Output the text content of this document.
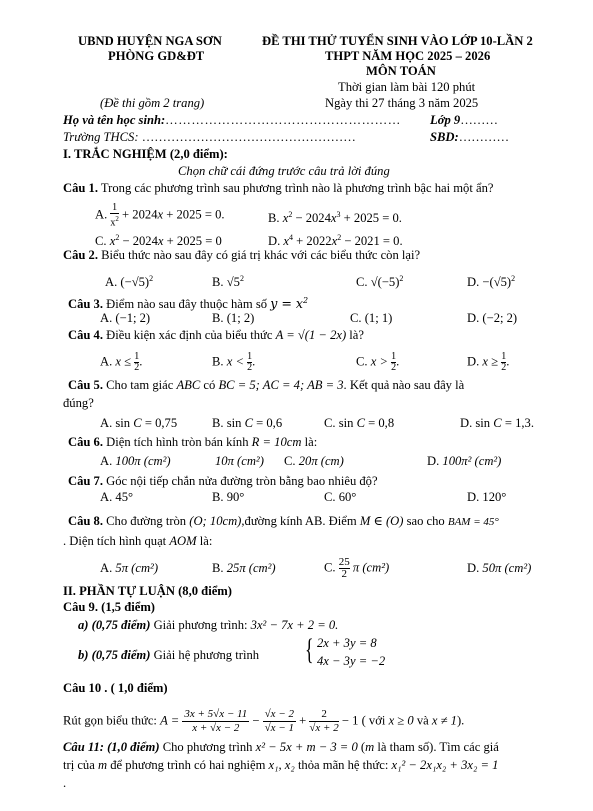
UBND HUYỆN NGA SƠN
PHÒNG GD&ĐT
ĐỀ THI THỬ TUYỂN SINH VÀO LỚP 10-LẦN 2
THPT NĂM HỌC 2025 – 2026
MÔN TOÁN
Thời gian làm bài 120 phút
(Đề thi gồm 2 trang)	Ngày thi 27 tháng 3 năm 2025
Họ và tên học sinh:……………………………………………… Lớp 9………
Trường THCS: ……………………………………………	SBD:…………
I. TRẮC NGHIỆM (2,0 điểm):
Chọn chữ cái đứng trước câu trả lời đúng
Câu 1. Trong các phương trình sau phương trình nào là phương trình bậc hai một ẩn?
A. $\frac{1}{x^2} + 2024x + 2025 = 0$.	B. $x^2 - 2024x^3 + 2025 = 0$.
C. $x^2 - 2024x + 2025 = 0$	D. $x^4 + 2022x^2 - 2021 = 0$.
Câu 2. Biểu thức nào sau đây có giá trị khác với các biểu thức còn lại?
A. $(-√5)^2$	B. $√5^2$	C. $√(-5)^2$	D. $-(√5)^2$
Câu 3. Điểm nào sau đây thuộc hàm số $y = x^2$
A. (−1; 2)	B. (1; 2)	C. (1; 1)	D. (−2; 2)
Câu 4. Điều kiện xác định của biểu thức A = √(1 − 2x) là?
A. $x \le \frac{1}{2}$ .	B. $x < \frac{1}{2}$ .	C. $x > \frac{1}{2}$ .	D. $x \ge \frac{1}{2}$ .
Câu 5. Cho tam giác ABC có BC = 5; AC = 4; AB = 3. Kết quả nào sau đây là
đúng?
A. sin C = 0,75	B. sin C = 0,6	C. sin C = 0,8	D. sin C = 1,3.
Câu 6. Diện tích hình tròn bán kính R = 10cm là:
A. 100π (cm²)	10π (cm²) C. 20π (cm)	D. 100π² (cm²)
Câu 7. Góc nội tiếp chắn nửa đường tròn bằng bao nhiêu độ?
A. 45°	B. 90°	C. 60°	D. 120°
Câu 8. Cho đường tròn (O; 10cm),đường kính AB. Điểm M ∈ (O) sao cho BAM = 45°
. Diện tích hình quạt AOM là:
A. 5π (cm²)	B. 25π (cm²)	C. $\frac{25}{2}$ π (cm²)	D. 50π (cm²)
II. PHẦN TỰ LUẬN (8,0 điểm)
Câu 9. (1,5 điểm)
a) (0,75 điểm) Giải phương trình: 3x² − 7x + 2 = 0.
b) (0,75 điểm) Giải hệ phương trình { 2x + 3y = 8
4x − 3y = −2
Câu 10 . ( 1,0 điểm)
Rút gọn biểu thức: $A = \frac{3x + 5√x - 11}{x + √x - 2} - \frac{√x - 2}{√x - 1} + \frac{2}{√x + 2} - 1$ ( với x ≥ 0 và x ≠ 1).
Câu 11: (1,0 điểm) Cho phương trình x² − 5x + m − 3 = 0 (m là tham số). Tìm các giá
trị của m để phương trình có hai nghiệm x₁, x₂ thỏa mãn hệ thức: x₁² − 2x₁x₂ + 3x₂ = 1
.
